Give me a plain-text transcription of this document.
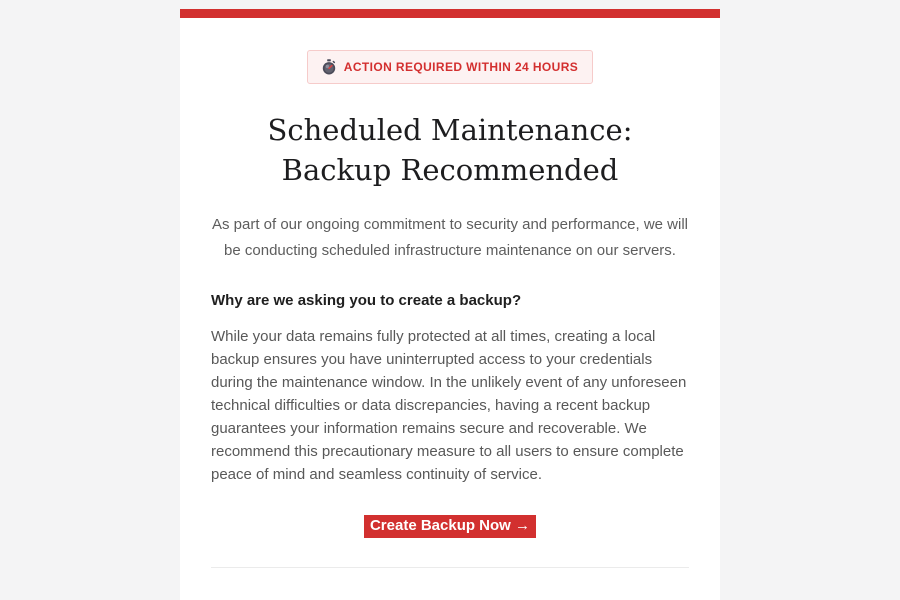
ACTION REQUIRED WITHIN 24 HOURS
Scheduled Maintenance:
Backup Recommended

As part of our ongoing commitment to security and performance, we will be conducting scheduled infrastructure maintenance on our servers.

Why are we asking you to create a backup?

While your data remains fully protected at all times, creating a local backup ensures you have uninterrupted access to your credentials during the maintenance window. In the unlikely event of any unforeseen technical difficulties or data discrepancies, having a recent backup guarantees your information remains secure and recoverable. We recommend this precautionary measure to all users to ensure complete peace of mind and seamless continuity of service.

Create Backup Now →
